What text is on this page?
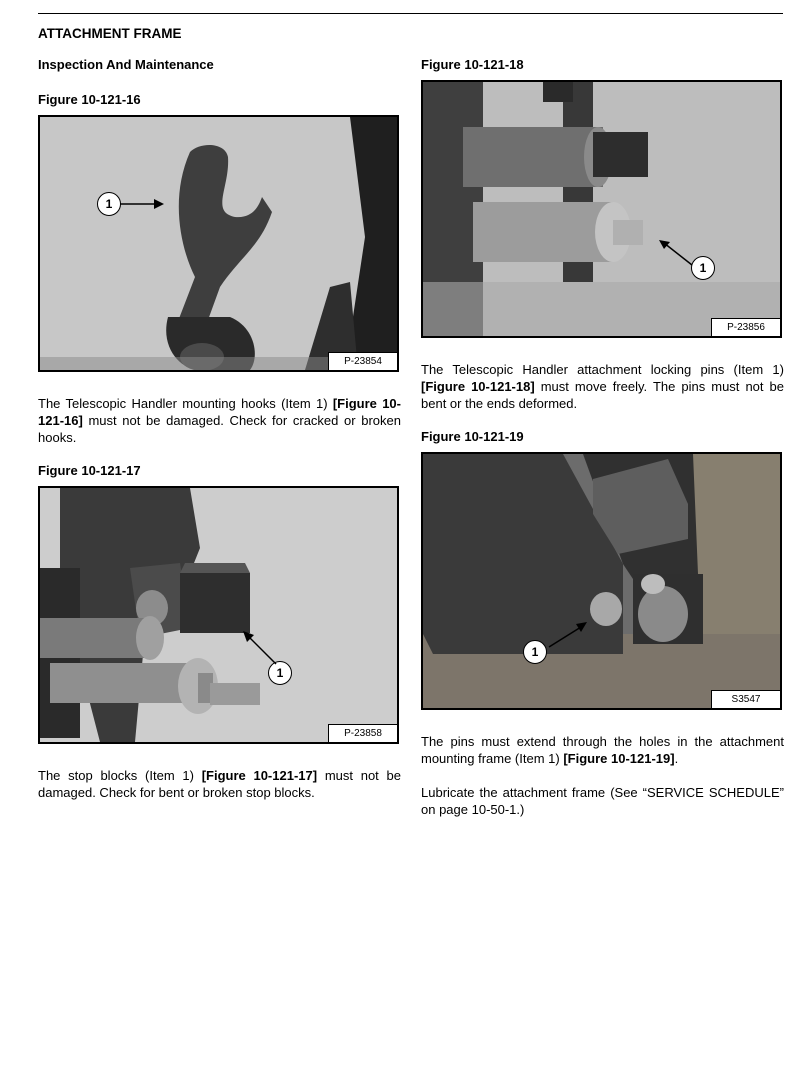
ATTACHMENT FRAME
Inspection And Maintenance
Figure 10-121-16
1
P-23854
The Telescopic Handler mounting hooks (Item 1) [Figure 10-121-16] must not be damaged. Check for cracked or broken hooks.
Figure 10-121-17
1
P-23858
The stop blocks (Item 1) [Figure 10-121-17] must not be damaged. Check for bent or broken stop blocks.
Figure 10-121-18
1
P-23856
The Telescopic Handler attachment locking pins (Item 1) [Figure 10-121-18] must move freely. The pins must not be bent or the ends deformed.
Figure 10-121-19
1
S3547
The pins must extend through the holes in the attachment mounting frame (Item 1) [Figure 10-121-19].
Lubricate the attachment frame (See “SERVICE SCHEDULE” on page 10-50-1.)
